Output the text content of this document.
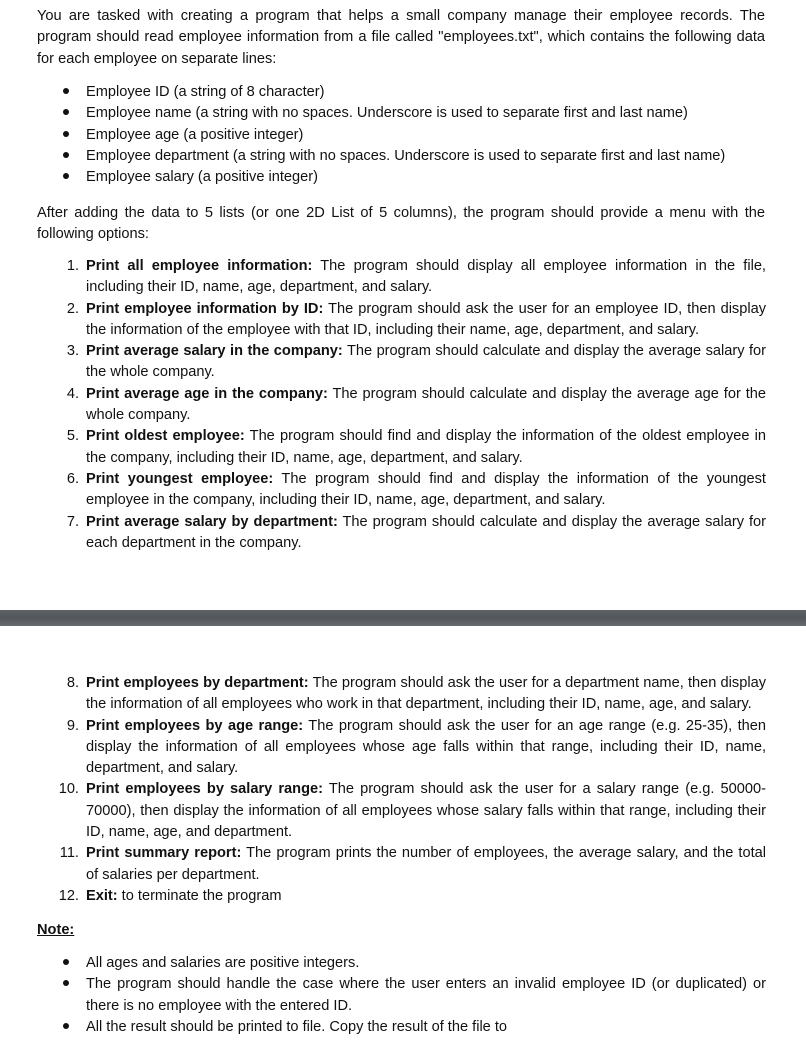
You are tasked with creating a program that helps a small company manage their employee records. The program should read employee information from a file called "employees.txt", which contains the following data for each employee on separate lines:

Employee ID (a string of 8 character)
Employee name (a string with no spaces. Underscore is used to separate first and last name)
Employee age (a positive integer)
Employee department (a string with no spaces. Underscore is used to separate first and last name)
Employee salary (a positive integer)

After adding the data to 5 lists (or one 2D List of 5 columns), the program should provide a menu with the following options:

1. Print all employee information: The program should display all employee information in the file, including their ID, name, age, department, and salary.
2. Print employee information by ID: The program should ask the user for an employee ID, then display the information of the employee with that ID, including their name, age, department, and salary.
3. Print average salary in the company: The program should calculate and display the average salary for the whole company.
4. Print average age in the company: The program should calculate and display the average age for the whole company.
5. Print oldest employee: The program should find and display the information of the oldest employee in the company, including their ID, name, age, department, and salary.
6. Print youngest employee: The program should find and display the information of the youngest employee in the company, including their ID, name, age, department, and salary.
7. Print average salary by department: The program should calculate and display the average salary for each department in the company.
8. Print employees by department: The program should ask the user for a department name, then display the information of all employees who work in that department, including their ID, name, age, and salary.
9. Print employees by age range: The program should ask the user for an age range (e.g. 25-35), then display the information of all employees whose age falls within that range, including their ID, name, department, and salary.
10. Print employees by salary range: The program should ask the user for a salary range (e.g. 50000-70000), then display the information of all employees whose salary falls within that range, including their ID, name, age, and department.
11. Print summary report: The program prints the number of employees, the average salary, and the total of salaries per department.
12. Exit: to terminate the program

Note:

All ages and salaries are positive integers.
The program should handle the case where the user enters an invalid employee ID (or duplicated) or there is no employee with the entered ID.
All the result should be printed to file. Copy the result of the file to
